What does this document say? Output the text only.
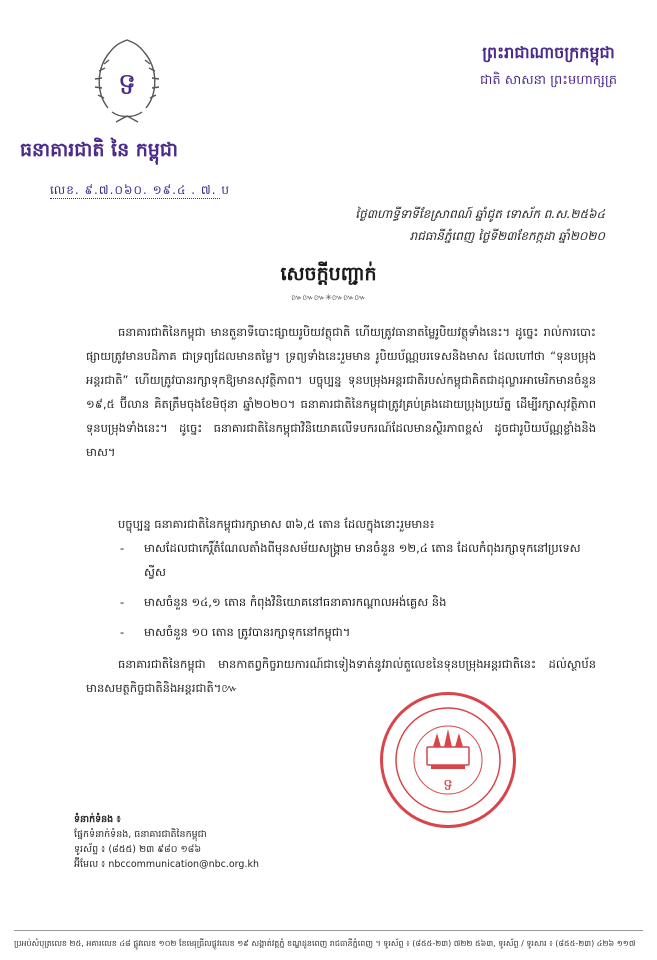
ទ
ធនាគារជាតិ នៃ កម្ពុជា
លេខ. ៩.៧.០៦០. ១៩.៤ . ៧. ប
ព្រះរាជាណាចក្រកម្ពុជា
ជាតិ សាសនា ព្រះមហាក្សត្រ
ថ្ងៃ៣ហាទ្ធីទាទីខែស្រាពណ៍ ឆ្នាំជូត ទោស័ក ព.ស.២៥៦៤
រាជធានីភ្នំពេញ ថ្ងៃទី២៣ខែកក្កដា ឆ្នាំ២០២០
សេចក្តីបញ្ជាក់
៚៚៚✳៚៚៚
ធនាគារជាតិនៃកម្ពុជា មានតួនាទីបោះផ្សាយរូបិយវត្ថុជាតិ ហើយត្រូវធានាតម្លៃរូបិយវត្ថុទាំងនេះ។ ដូច្នេះ រាល់ការបោះផ្សាយត្រូវមានបដិភាគ ជាទ្រព្យដែលមានតម្លៃ។ ទ្រព្យទាំងនេះរួមមាន រូបិយប័ណ្ណបរទេសនិងមាស ដែលហៅថា “ទុនបម្រុងអន្តរជាតិ” ហើយត្រូវបានរក្សាទុកឱ្យមានសុវត្ថិភាព។ បច្ចុប្បន្ន ទុនបម្រុងអន្តរជាតិរបស់កម្ពុជាគិតជាដុល្លារអាមេរិកមានចំនួន ១៩,៥ ប៊ីលាន គិតត្រឹមចុងខែមិថុនា ឆ្នាំ២០២០។ ធនាគារជាតិនៃកម្ពុជាត្រូវគ្រប់គ្រងដោយប្រុងប្រយ័ត្ន ដើម្បីរក្សាសុវត្ថិភាពទុនបម្រុងទាំងនេះ។ ដូច្នេះ ធនាគារជាតិនៃកម្ពុជាវិនិយោគលើទបករណ៍ដែលមានស្ថិរភាពខ្ពស់ ដូចជារូបិយប័ណ្ណខ្លាំងនិងមាស។
បច្ចុប្បន្ន ធនាគារជាតិនៃកម្ពុជារក្សាមាស ៣៦,៥ តោន ដែលក្នុងនោះរួមមាន៖
- មាសដែលជាកេរ្តិ៍តំណែលតាំងពីមុនសម័យសង្គ្រាម មានចំនួន ១២,៤ តោន ដែលកំពុងរក្សាទុកនៅប្រទេសស្វីស
- មាសចំនួន ១៤,១ តោន កំពុងវិនិយោគនៅធនាគារកណ្តាលអង់គ្លេស និង
- មាសចំនួន ១០ តោន ត្រូវបានរក្សាទុកនៅកម្ពុជា។
ធនាគារជាតិនៃកម្ពុជា មានកាតព្វកិច្ចរាយការណ៍ជាទៀងទាត់នូវរាល់តួលេខនៃទុនបម្រុងអន្តរជាតិនេះ ដល់ស្ថាប័នមានសមត្ថកិច្ចជាតិនិងអន្តរជាតិ។៚
ទ
ទំនាក់ទំនង ៖
ផ្នែកទំនាក់ទំនង, ធនាគារជាតិនៃកម្ពុជា
ទូរស័ព្ទ ៖ (៨៥៥) ២៣ ៩៨០ ១៨៦
អ៊ីមែល ៖ nbccommunication@nbc.org.kh
ប្រអប់សំបុត្រលេខ ២៥, អគារលេខ ៤៨ ផ្លូវលេខ ១០២ ខែមេរុធ្រីលផ្លូវលេខ ១៩ សង្កាត់វត្តភ្នំ ខណ្ឌដូនពេញ រាជធានីភ្នំពេញ ។ ទូរស័ព្ទ ៖ (៨៥៥-២៣) ៧២២ ៥៦៣, ទូរស័ព្ទ / ទូរសារ ៖ (៨៥៥-២៣) ៤២៦ ១១៧
